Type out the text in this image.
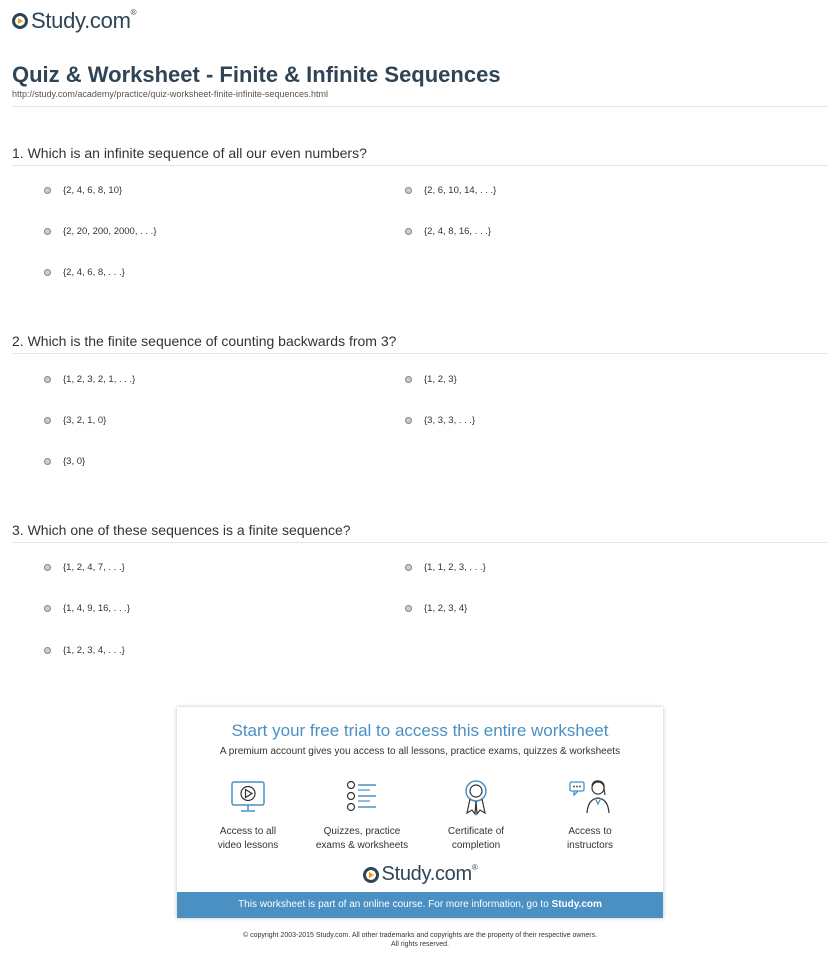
Study.com®
Quiz & Worksheet - Finite & Infinite Sequences
http://study.com/academy/practice/quiz-worksheet-finite-infinite-sequences.html
1. Which is an infinite sequence of all our even numbers?
{2, 4, 6, 8, 10}	{2, 6, 10, 14, . . .}
{2, 20, 200, 2000, . . .}	{2, 4, 8, 16, . . .}
{2, 4, 6, 8, . . .}
2. Which is the finite sequence of counting backwards from 3?
{1, 2, 3, 2, 1, . . .}	{1, 2, 3}
{3, 2, 1, 0}	{3, 3, 3, . . .}
{3, 0}
3. Which one of these sequences is a finite sequence?
{1, 2, 4, 7, . . .}	{1, 1, 2, 3, . . .}
{1, 4, 9, 16, . . .}	{1, 2, 3, 4}
{1, 2, 3, 4, . . .}
Start your free trial to access this entire worksheet
A premium account gives you access to all lessons, practice exams, quizzes & worksheets
Access to all
video lessons
Quizzes, practice
exams & worksheets
Certificate of
completion
Access to
instructors
Study.com®
This worksheet is part of an online course. For more information, go to Study.com
© copyright 2003-2015 Study.com. All other trademarks and copyrights are the property of their respective owners.
All rights reserved.
